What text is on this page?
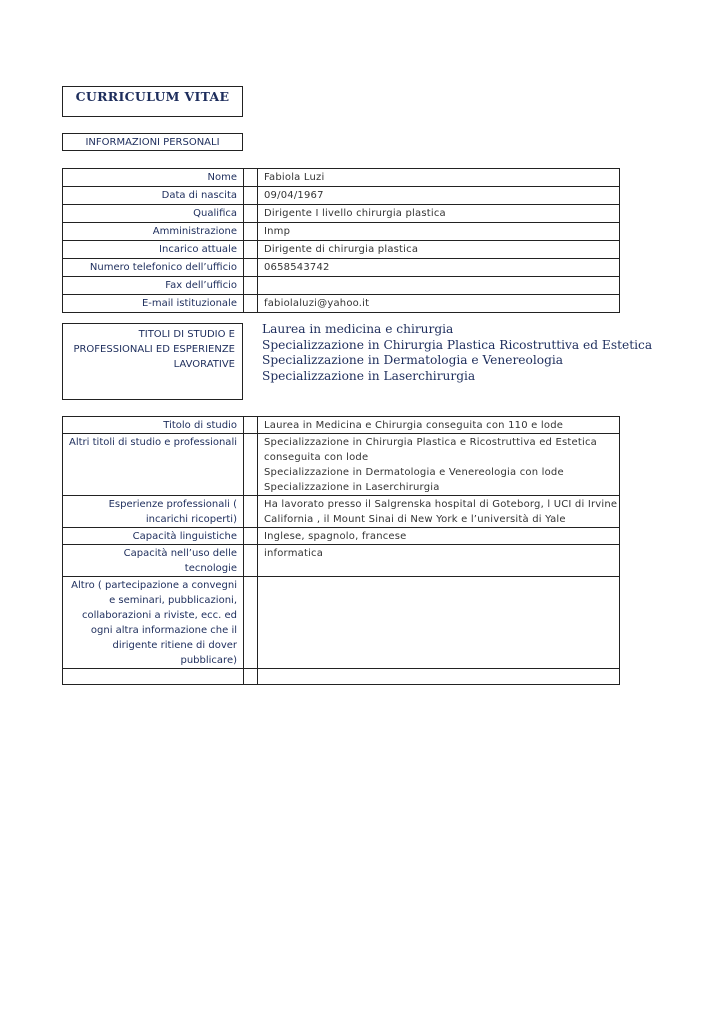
CURRICULUM VITAE
INFORMAZIONI PERSONALI
Nome		Fabiola Luzi
Data di nascita		09/04/1967
Qualifica		Dirigente I livello chirurgia plastica
Amministrazione		Inmp
Incarico attuale		Dirigente di chirurgia plastica
Numero telefonico dell’ufficio		0658543742
Fax dell’ufficio		
E-mail istituzionale		fabiolaluzi@yahoo.it
TITOLI DI STUDIO E PROFESSIONALI ED ESPERIENZE LAVORATIVE
Laurea in medicina e chirurgia
Specializzazione in Chirurgia Plastica Ricostruttiva ed Estetica
Specializzazione in Dermatologia e Venereologia
Specializzazione in Laserchirurgia
Titolo di studio		Laurea in Medicina e Chirurgia conseguita con 110 e lode
Altri titoli di studio e professionali		Specializzazione in Chirurgia Plastica e Ricostruttiva ed Estetica
conseguita con lode
Specializzazione in Dermatologia e Venereologia con lode
Specializzazione in Laserchirurgia

Esperienze professionali ( incarichi ricoperti)		Ha lavorato presso il Salgrenska hospital di Goteborg, l UCI di Irvine
California , il Mount Sinai di New York e l’università di Yale

Capacità linguistiche		Inglese, spagnolo, francese
Capacità nell’uso delle tecnologie		informatica
Altro ( partecipazione a convegni e seminari, pubblicazioni, collaborazioni a riviste, ecc. ed ogni altra informazione che il dirigente ritiene di dover pubblicare)		
